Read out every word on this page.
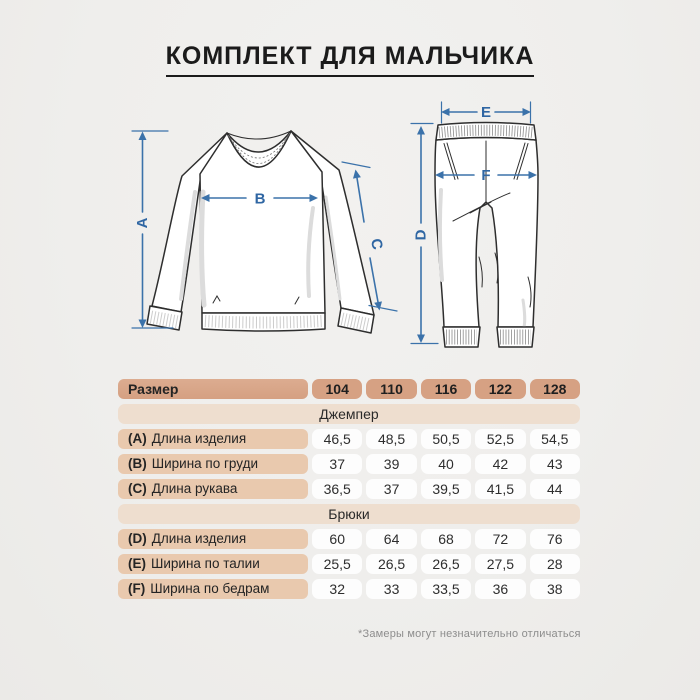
КОМПЛЕКТ ДЛЯ МАЛЬЧИКА
A
B
C
E
F
D
Размер	104	110	116	122	128
Джемпер
(A) Длина изделия	46,5	48,5	50,5	52,5	54,5
(B) Ширина по груди	37	39	40	42	43
(C) Длина рукава	36,5	37	39,5	41,5	44
Брюки
(D) Длина изделия	60	64	68	72	76
(E) Ширина по талии	25,5	26,5	26,5	27,5	28
(F) Ширина по бедрам	32	33	33,5	36	38
*Замеры могут незначительно отличаться
